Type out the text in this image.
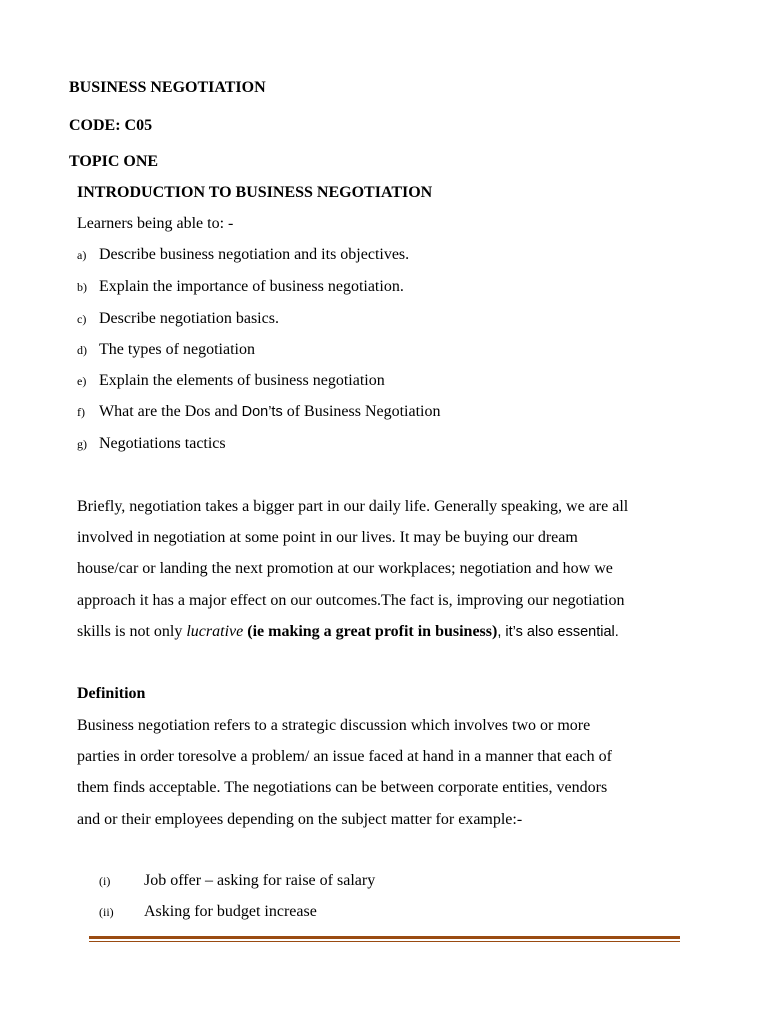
BUSINESS NEGOTIATION
CODE: C05
TOPIC ONE
INTRODUCTION TO BUSINESS NEGOTIATION
Learners being able to: -
a) Describe business negotiation and its objectives.
b) Explain the importance of business negotiation.
c) Describe negotiation basics.
d) The types of negotiation
e) Explain the elements of business negotiation
f) What are the Dos and Don’ts of Business Negotiation
g) Negotiations tactics

Briefly, negotiation takes a bigger part in our daily life. Generally speaking, we are all

involved in negotiation at some point in our lives. It may be buying our dream

house/car or landing the next promotion at our workplaces; negotiation and how we

approach it has a major effect on our outcomes.The fact is, improving our negotiation

skills is not only lucrative (ie making a great profit in business), it’s also essential.

Definition

Business negotiation refers to a strategic discussion which involves two or more

parties in order toresolve a problem/ an issue faced at hand in a manner that each of

them finds acceptable. The negotiations can be between corporate entities, vendors

and or their employees depending on the subject matter for example:-

(i) Job offer – asking for raise of salary
(ii) Asking for budget increase
